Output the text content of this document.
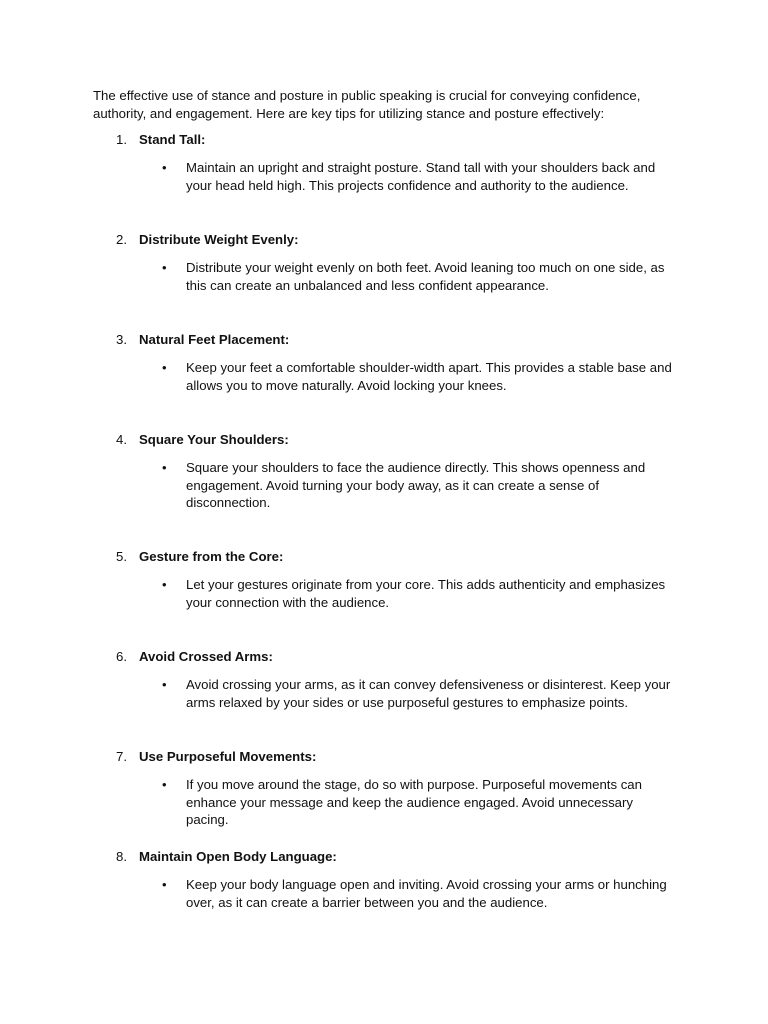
The effective use of stance and posture in public speaking is crucial for conveying confidence, authority, and engagement. Here are key tips for utilizing stance and posture effectively:

1. Stand Tall:
• Maintain an upright and straight posture. Stand tall with your shoulders back and your head held high. This projects confidence and authority to the audience.

2. Distribute Weight Evenly:
• Distribute your weight evenly on both feet. Avoid leaning too much on one side, as this can create an unbalanced and less confident appearance.

3. Natural Feet Placement:
• Keep your feet a comfortable shoulder-width apart. This provides a stable base and allows you to move naturally. Avoid locking your knees.

4. Square Your Shoulders:
• Square your shoulders to face the audience directly. This shows openness and engagement. Avoid turning your body away, as it can create a sense of disconnection.

5. Gesture from the Core:
• Let your gestures originate from your core. This adds authenticity and emphasizes your connection with the audience.

6. Avoid Crossed Arms:
• Avoid crossing your arms, as it can convey defensiveness or disinterest. Keep your arms relaxed by your sides or use purposeful gestures to emphasize points.

7. Use Purposeful Movements:
• If you move around the stage, do so with purpose. Purposeful movements can enhance your message and keep the audience engaged. Avoid unnecessary pacing.

8. Maintain Open Body Language:
• Keep your body language open and inviting. Avoid crossing your arms or hunching over, as it can create a barrier between you and the audience.
